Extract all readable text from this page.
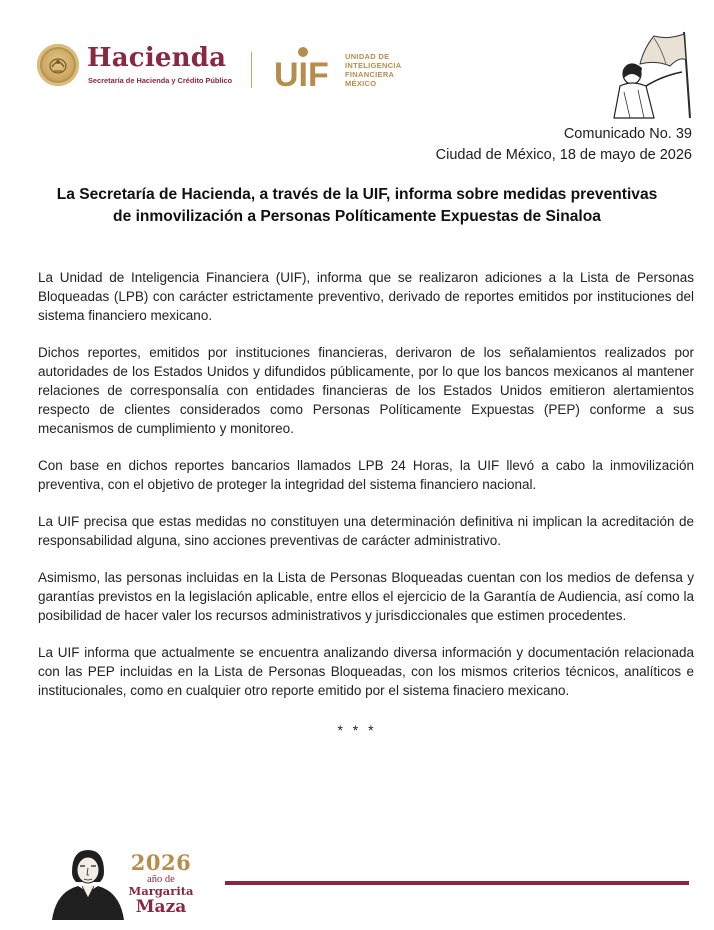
Hacienda
Secretaría de Hacienda y Crédito Público UIF UNIDAD DE
INTELIGENCIA
FINANCIERA
MÉXICO
Comunicado No. 39
Ciudad de México, 18 de mayo de 2026
La Secretaría de Hacienda, a través de la UIF, informa sobre medidas preventivas
de inmovilización a Personas Políticamente Expuestas de Sinaloa

La Unidad de Inteligencia Financiera (UIF), informa que se realizaron adiciones a la Lista de Personas Bloqueadas (LPB) con carácter estrictamente preventivo, derivado de reportes emitidos por instituciones del sistema financiero mexicano.

Dichos reportes, emitidos por instituciones financieras, derivaron de los señalamientos realizados por autoridades de los Estados Unidos y difundidos públicamente, por lo que los bancos mexicanos al mantener relaciones de corresponsalía con entidades financieras de los Estados Unidos emitieron alertamientos respecto de clientes considerados como Personas Políticamente Expuestas (PEP) conforme a sus mecanismos de cumplimiento y monitoreo.

Con base en dichos reportes bancarios llamados LPB 24 Horas, la UIF llevó a cabo la inmovilización preventiva, con el objetivo de proteger la integridad del sistema financiero nacional.

La UIF precisa que estas medidas no constituyen una determinación definitiva ni implican la acreditación de responsabilidad alguna, sino acciones preventivas de carácter administrativo.

Asimismo, las personas incluidas en la Lista de Personas Bloqueadas cuentan con los medios de defensa y garantías previstos en la legislación aplicable, entre ellos el ejercicio de la Garantía de Audiencia, así como la posibilidad de hacer valer los recursos administrativos y jurisdiccionales que estimen procedentes.

La UIF informa que actualmente se encuentra analizando diversa información y documentación relacionada con las PEP incluidas en la Lista de Personas Bloqueadas, con los mismos criterios técnicos, analíticos e institucionales, como en cualquier otro reporte emitido por el sistema finaciero mexicano.

* * *
2026
año de
Margarita
Maza
